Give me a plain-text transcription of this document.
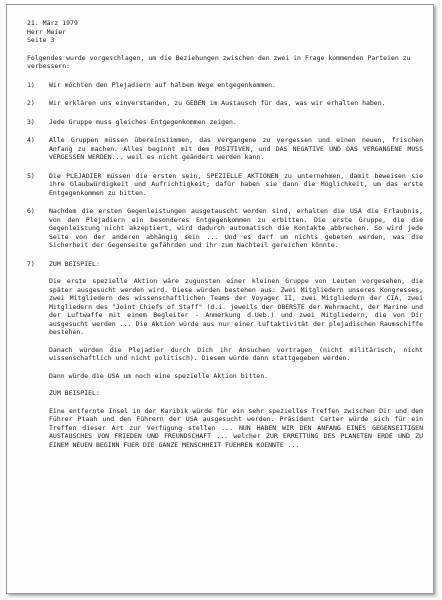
21. März 1979
Herr Meier
Seite 3

Folgendes wurde vorgeschlagen, um die Beziehungen zwischen den zwei in Frage kommenden Parteien zu verbessern:

1)	Wir möchten den Plejadiern auf halbem Wege entgegenkommen.
2)	Wir erklären uns einverstanden, zu GEBEN im Austausch für das, was wir erhalten haben.
3)	Jede Gruppe muss gleiches Entgegenkommen zeigen.
4)	Alle Gruppen müssen übereinstimmen, das Vergangene zu vergessen und einen neuen, frischen Anfang zu machen. Alles beginnt mit dem POSITIVEN, und DAS NEGATIVE UND DAS VERGANGENE MUSS VERGESSEN WERDEN... weil es nicht geändert werden kann.
5)	Die PLEJADIER müssen die ersten sein, SPEZIELLE AKTIONEN zu unternehmen, damit beweisen sie ihre Glaubwürdigkeit und Aufrichtigkeit; dafür haben sie dann die Möglichkeit, um das erste Entgegenkommen zu bitten.
6)	Nachdem die ersten Gegenleistungen ausgetauscht worden sind, erhalten die USA die Erlaubnis, von den Plejadiern ein besonderes Entgegenkommen zu erbitten. Die erste Gruppe, die die Gegenleistung nicht akzeptiert, wird dadurch automatisch die Kontakte abbrechen. So wird jede Seite von der anderen abhängig sein ... Und es darf um nichts gebeten werden, was die Sicherheit der Gegenseite gefährden und ihr zum Nachteil gereichen könnte.
7)	ZUM BEISPIEL:

Die erste spezielle Aktion wäre zugunsten einer kleinen Gruppe von Leuten vorgesehen, die später ausgesucht werden wird. Diese würden bestehen aus: Zwei Mitgliedern unseres Kongresses, zwei Mitgliedern des wissenschaftlichen Teams der Voyager II, zwei Mitgliedern der CIA, zwei Mitgliedern des "Joint Chiefs of Staff" (d.i. jeweils der OBERSTE der Wehrmacht, der Marine und der Luftwaffe mit einem Begleiter - Anmerkung d.Ueb.) und zwei Mitgliedern, die von Dir ausgesucht werden ... Die Aktion würde aus nur einer Luftaktivität der plejadischen Raumschiffe bestehen.

Danach würden die Plejadier durch Dich ihr Ansuchen vortragen (nicht militärisch, nicht wissenschaftlich und nicht politisch). Diesem würde dann stattgegeben werden.

Dann würde die USA um noch eine spezielle Aktion bitten.

ZUM BEISPIEL:

Eine entfernte Insel in der Karibik würde für ein sehr spezielles Treffen zwischen Dir und dem Führer Ptaah und den Führern der USA ausgesucht werden. Präsident Carter würde sich für ein Treffen dieser Art zur Verfügung stellen ... NUN HABEN WIR DEN ANFANG EINES GEGENSEITIGEN AUSTAUSCHES VON FRIEDEN UND FREUNDSCHAFT ... welcher ZUR ERRETTUNG DES PLANETEN ERDE UND ZU EINEM NEUEN BEGINN FUER DIE GANZE MENSCHHEIT FUEHREN KOENNTE ...
